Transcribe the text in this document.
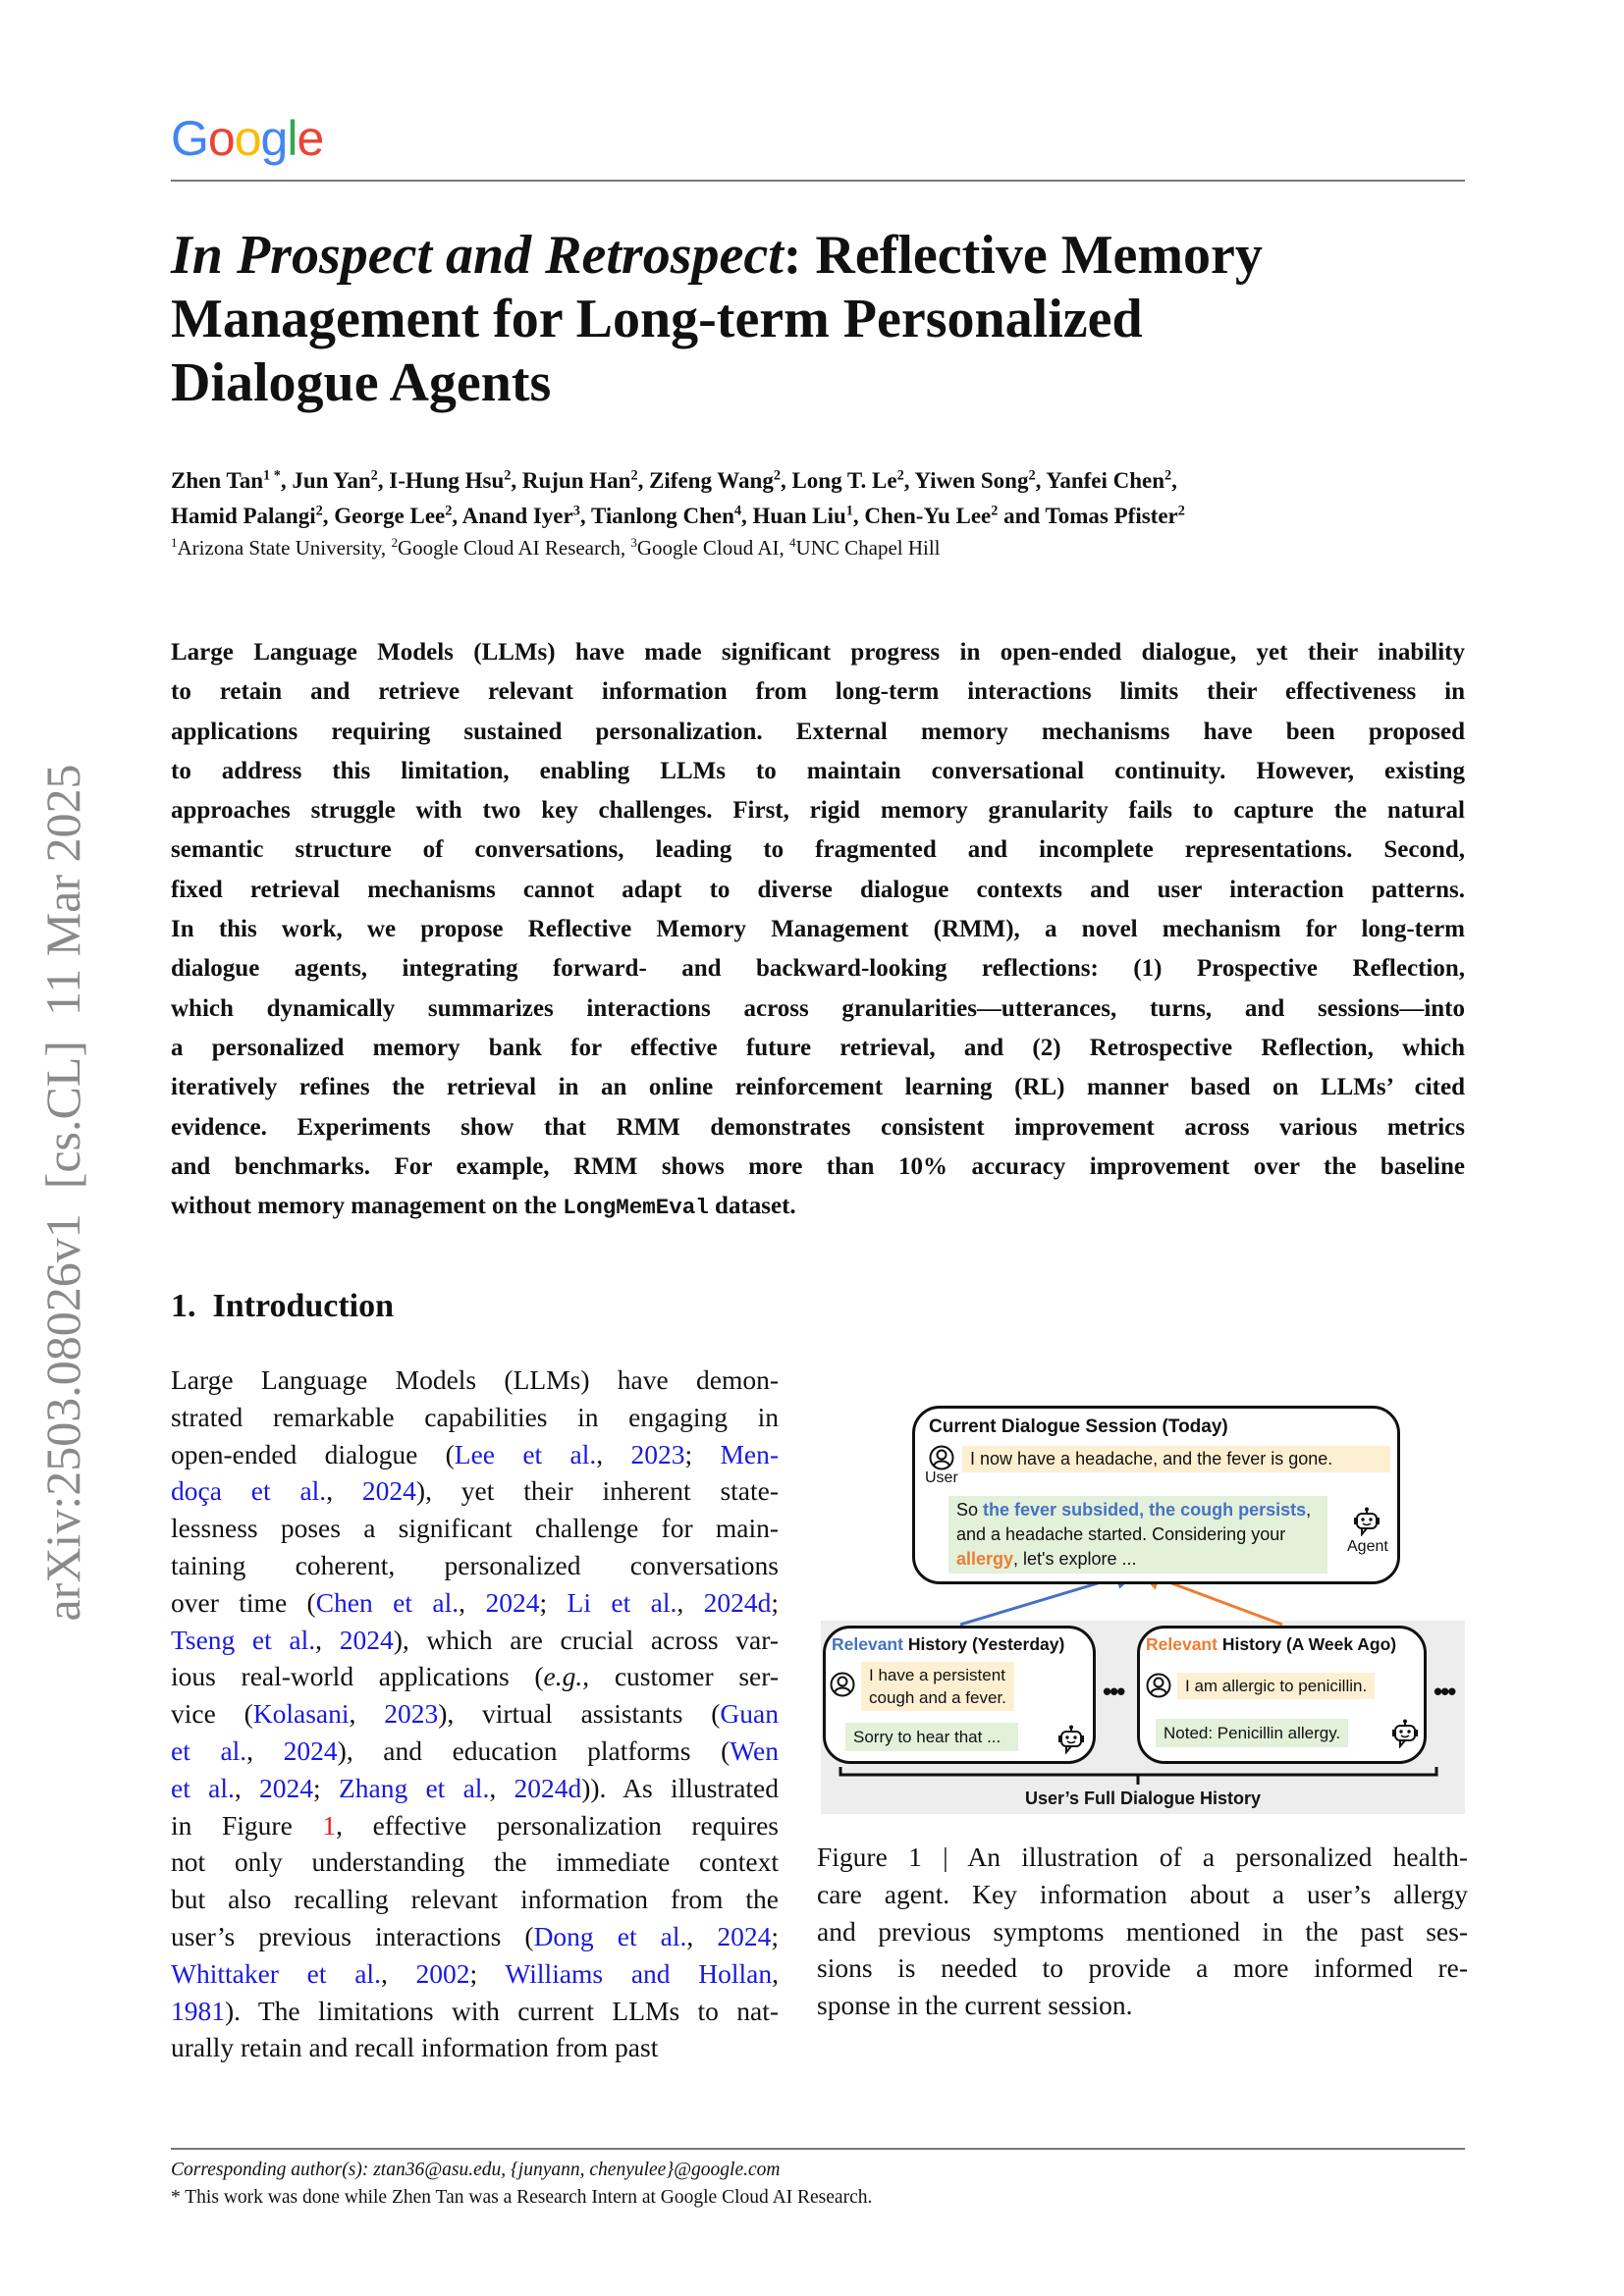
Google
arXiv:2503.08026v1  [cs.CL]  11 Mar 2025
In Prospect and Retrospect: Reflective Memory
Management for Long-term Personalized
Dialogue Agents
Zhen Tan$^{1 *}$, Jun Yan$^2$, I-Hung Hsu$^2$, Rujun Han$^2$, Zifeng Wang$^2$, Long T. Le$^2$, Yiwen Song$^2$, Yanfei Chen$^2$,
Hamid Palangi$^2$, George Lee$^2$, Anand Iyer$^3$, Tianlong Chen$^4$, Huan Liu$^1$, Chen-Yu Lee$^2$ and Tomas Pfister$^2$
$^1$Arizona State University, $^2$Google Cloud AI Research, $^3$Google Cloud AI, $^4$UNC Chapel Hill
Large Language Models (LLMs) have made significant progress in open-ended dialogue, yet their inability
to retain and retrieve relevant information from long-term interactions limits their effectiveness in
applications requiring sustained personalization. External memory mechanisms have been proposed
to address this limitation, enabling LLMs to maintain conversational continuity. However, existing
approaches struggle with two key challenges. First, rigid memory granularity fails to capture the natural
semantic structure of conversations, leading to fragmented and incomplete representations. Second,
fixed retrieval mechanisms cannot adapt to diverse dialogue contexts and user interaction patterns.
In this work, we propose Reflective Memory Management (RMM), a novel mechanism for long-term
dialogue agents, integrating forward- and backward-looking reflections: (1) Prospective Reflection,
which dynamically summarizes interactions across granularities—utterances, turns, and sessions—into
a personalized memory bank for effective future retrieval, and (2) Retrospective Reflection, which
iteratively refines the retrieval in an online reinforcement learning (RL) manner based on LLMs’ cited
evidence. Experiments show that RMM demonstrates consistent improvement across various metrics
and benchmarks. For example, RMM shows more than 10% accuracy improvement over the baseline
without memory management on the LongMemEval dataset.
1. Introduction
Large Language Models (LLMs) have demon-
strated remarkable capabilities in engaging in
open-ended dialogue (Lee et al., 2023; Men-
doça et al., 2024), yet their inherent state-
lessness poses a significant challenge for main-
taining coherent, personalized conversations
over time (Chen et al., 2024; Li et al., 2024d;
Tseng et al., 2024), which are crucial across var-
ious real-world applications (e.g., customer ser-
vice (Kolasani, 2023), virtual assistants (Guan
et al., 2024), and education platforms (Wen
et al., 2024; Zhang et al., 2024d)). As illustrated
in Figure 1, effective personalization requires
not only understanding the immediate context
but also recalling relevant information from the
user’s previous interactions (Dong et al., 2024;
Whittaker et al., 2002; Williams and Hollan,
1981). The limitations with current LLMs to nat-
urally retain and recall information from past
Current Dialogue Session (Today)
User
I now have a headache, and the fever is gone.
So the fever subsided, the cough persists,
and a headache started. Considering your
allergy, let's explore ...
Agent
Relevant History (Yesterday)
I have a persistent
cough and a fever.
Sorry to hear that ...
•••
Relevant History (A Week Ago)
I am allergic to penicillin.
Noted: Penicillin allergy.
•••
User’s Full Dialogue History
Figure 1 | An illustration of a personalized health-
care agent. Key information about a user’s allergy
and previous symptoms mentioned in the past ses-
sions is needed to provide a more informed re-
sponse in the current session.
Corresponding author(s): ztan36@asu.edu, {junyann, chenyulee}@google.com
* This work was done while Zhen Tan was a Research Intern at Google Cloud AI Research.
